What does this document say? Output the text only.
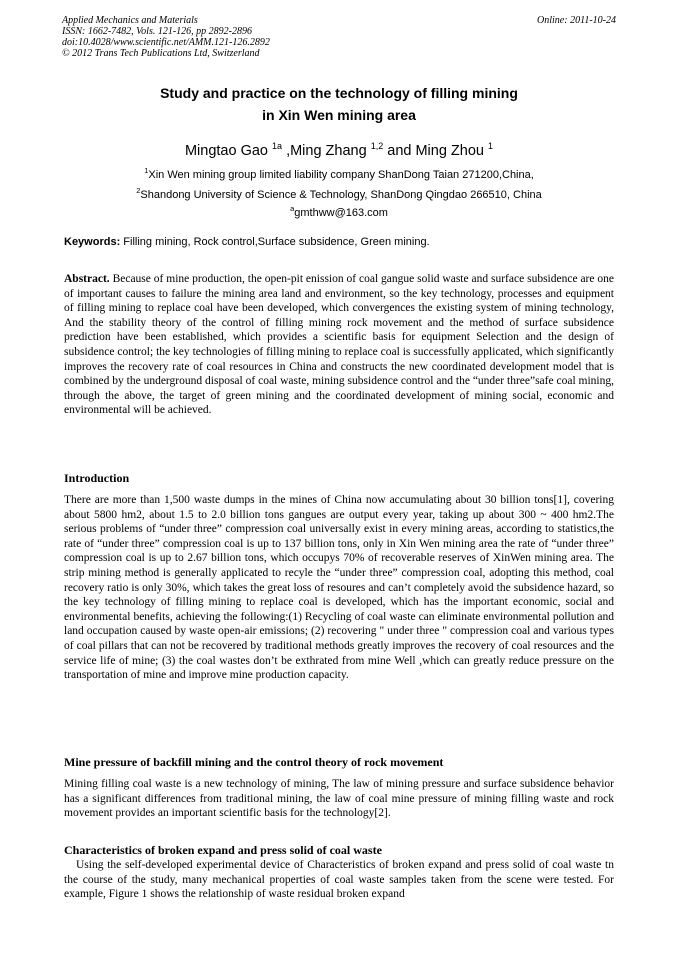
Applied Mechanics and Materials	Online: 2011-10-24
ISSN: 1662-7482, Vols. 121-126, pp 2892-2896
doi:10.4028/www.scientific.net/AMM.121-126.2892
© 2012 Trans Tech Publications Ltd, Switzerland
Study and practice on the technology of filling mining
in Xin Wen mining area
Mingtao Gao $^{1a}$ ,Ming Zhang $^{1,2}$ and Ming Zhou $^1$
$^1$Xin Wen mining group limited liability company ShanDong Taian 271200,China,
$^2$Shandong University of Science & Technology, ShanDong Qingdao 266510, China
$^a$gmthww@163.com
Keywords: Filling mining, Rock control,Surface subsidence, Green mining.
Abstract. Because of mine production, the open-pit enission of coal gangue solid waste and surface subsidence are one of important causes to failure the mining area land and environment, so the key technology, processes and equipment of filling mining to replace coal have been developed, which convergences the existing system of mining technology, And the stability theory of the control of filling mining rock movement and the method of surface subsidence prediction have been established, which provides a scientific basis for equipment Selection and the design of subsidence control; the key technologies of filling mining to replace coal is successfully applicated, which significantly improves the recovery rate of coal resources in China and constructs the new coordinated development model that is combined by the underground disposal of coal waste, mining subsidence control and the “under three”safe coal mining, through the above, the target of green mining and the coordinated development of mining social, economic and environmental will be achieved.
Introduction
There are more than 1,500 waste dumps in the mines of China now accumulating about 30 billion tons[1], covering about 5800 hm2, about 1.5 to 2.0 billion tons gangues are output every year, taking up about 300 ~ 400 hm2.The serious problems of “under three” compression coal universally exist in every mining areas, according to statistics,the rate of “under three” compression coal is up to 137 billion tons, only in Xin Wen mining area the rate of “under three” compression coal is up to 2.67 billion tons, which occupys 70% of recoverable reserves of XinWen mining area. The strip mining method is generally applicated to recyle the “under three” compression coal, adopting this method, coal recovery ratio is only 30%, which takes the great loss of resoures and can’t completely avoid the subsidence hazard, so the key technology of filling mining to replace coal is developed, which has the important economic, social and environmental benefits, achieving the following:(1) Recycling of coal waste can eliminate environmental pollution and land occupation caused by waste open-air emissions; (2) recovering " under three " compression coal and various types of coal pillars that can not be recovered by traditional methods greatly improves the recovery of coal resources and the service life of mine; (3) the coal wastes don’t be exthrated from mine Well ,which can greatly reduce pressure on the transportation of mine and improve mine production capacity.
Mine pressure of backfill mining and the control theory of rock movement
Mining filling coal waste is a new technology of mining, The law of mining pressure and surface subsidence behavior has a significant differences from traditional mining, the law of coal mine pressure of mining filling waste and rock movement provides an important scientific basis for the technology[2].
Characteristics of broken expand and press solid of coal waste
Using the self-developed experimental device of Characteristics of broken expand and press solid of coal waste tn the course of the study, many mechanical properties of coal waste samples taken from the scene were tested. For example, Figure 1 shows the relationship of waste residual broken expand
